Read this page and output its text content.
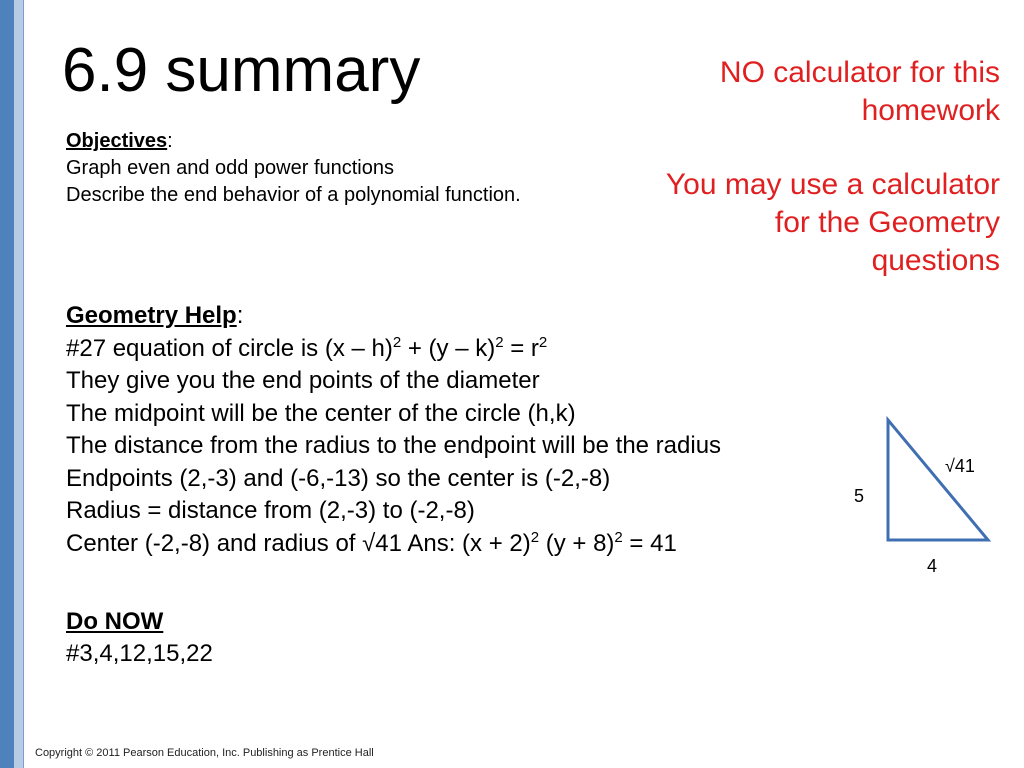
6.9 summary	NO calculator for this homework

You may use a calculator for the Geometry questions

Objectives:
Graph even and odd power functions
Describe the end behavior of a polynomial function.
Geometry Help:
#27 equation of circle is $(x - h)^2 + (y - k)^2 = r^2$
They give you the end points of the diameter
The midpoint will be the center of the circle (h,k)
The distance from the radius to the endpoint will be the radius
Endpoints (2,-3) and (-6,-13) so the center is (-2,-8)
Radius = distance from (2,-3) to (-2,-8)
Center (-2,-8) and radius of √41 Ans: $(x + 2)^2$ $(y + 8)^2 = 41$
Do NOW
#3,4,12,15,22
√41
5
4
Copyright © 2011 Pearson Education, Inc. Publishing as Prentice Hall
